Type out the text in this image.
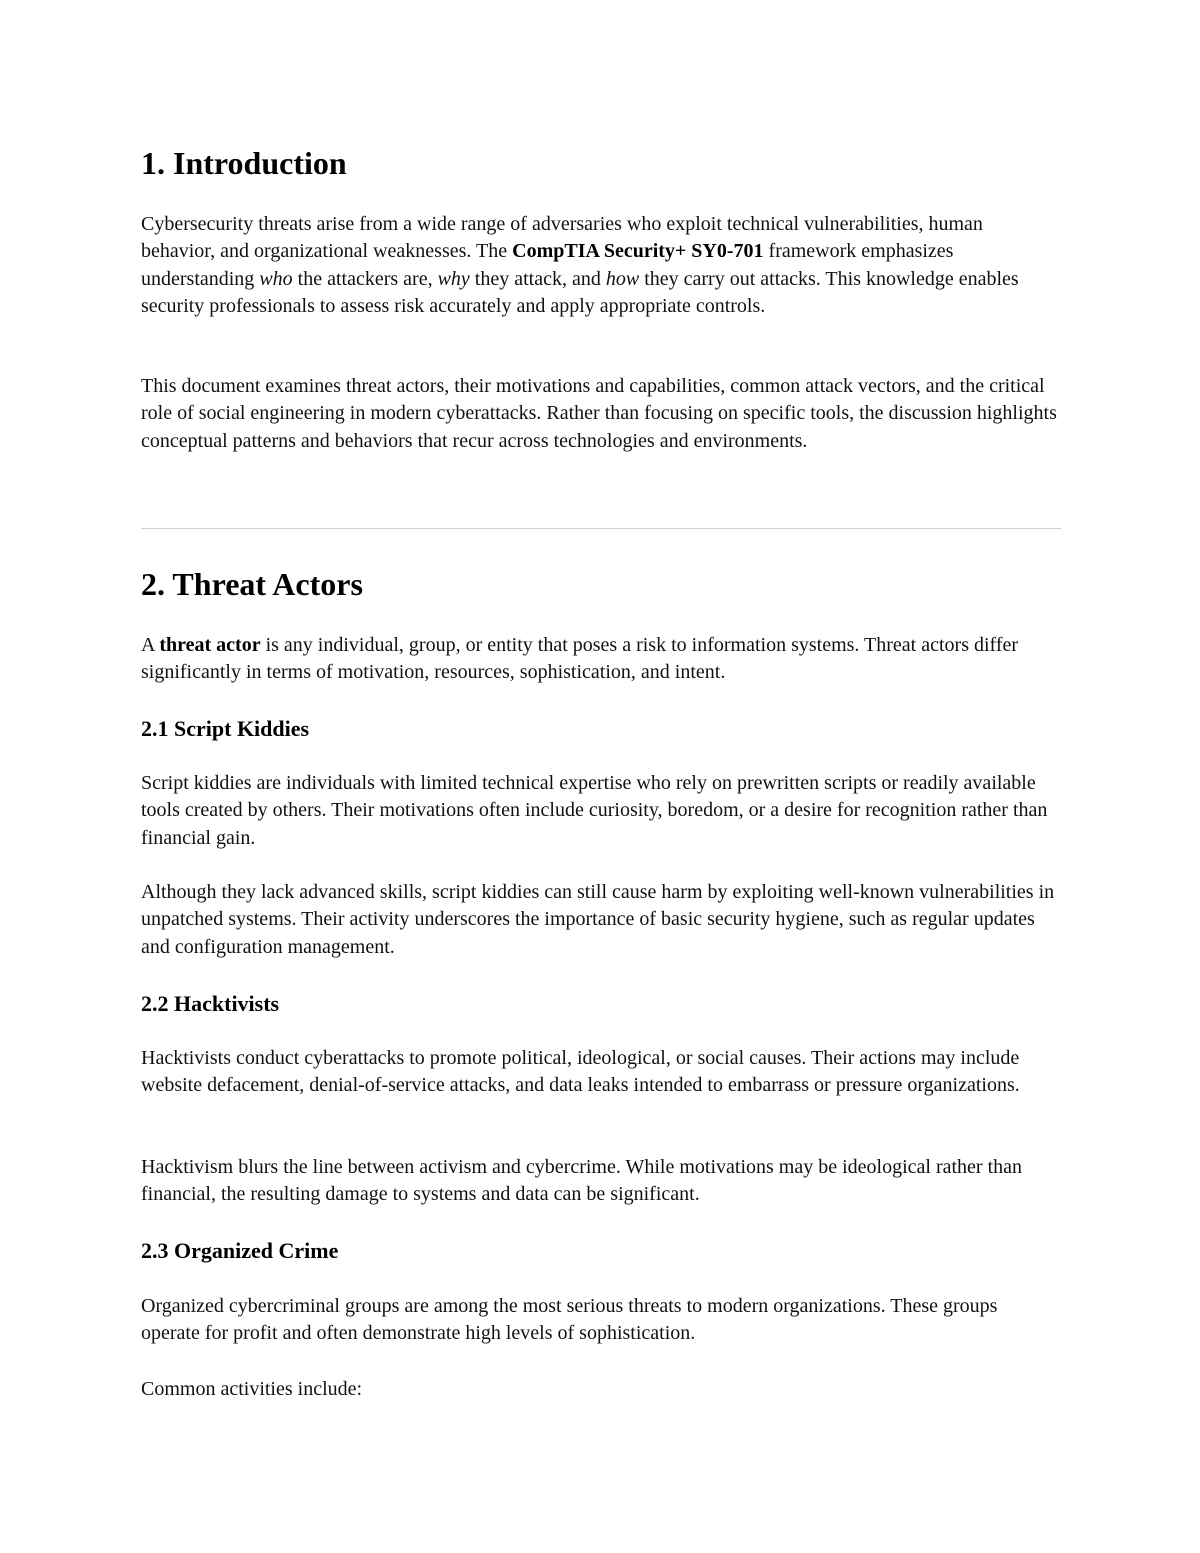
1. Introduction

Cybersecurity threats arise from a wide range of adversaries who exploit technical vulnerabilities, human behavior, and organizational weaknesses. The CompTIA Security+ SY0-701 framework emphasizes understanding who the attackers are, why they attack, and how they carry out attacks. This knowledge enables security professionals to assess risk accurately and apply appropriate controls.

This document examines threat actors, their motivations and capabilities, common attack vectors, and the critical role of social engineering in modern cyberattacks. Rather than focusing on specific tools, the discussion highlights conceptual patterns and behaviors that recur across technologies and environments.

2. Threat Actors

A threat actor is any individual, group, or entity that poses a risk to information systems. Threat actors differ significantly in terms of motivation, resources, sophistication, and intent.

2.1 Script Kiddies

Script kiddies are individuals with limited technical expertise who rely on prewritten scripts or readily available tools created by others. Their motivations often include curiosity, boredom, or a desire for recognition rather than financial gain.

Although they lack advanced skills, script kiddies can still cause harm by exploiting well-known vulnerabilities in unpatched systems. Their activity underscores the importance of basic security hygiene, such as regular updates and configuration management.

2.2 Hacktivists

Hacktivists conduct cyberattacks to promote political, ideological, or social causes. Their actions may include website defacement, denial-of-service attacks, and data leaks intended to embarrass or pressure organizations.

Hacktivism blurs the line between activism and cybercrime. While motivations may be ideological rather than financial, the resulting damage to systems and data can be significant.

2.3 Organized Crime

Organized cybercriminal groups are among the most serious threats to modern organizations. These groups operate for profit and often demonstrate high levels of sophistication.

Common activities include:
